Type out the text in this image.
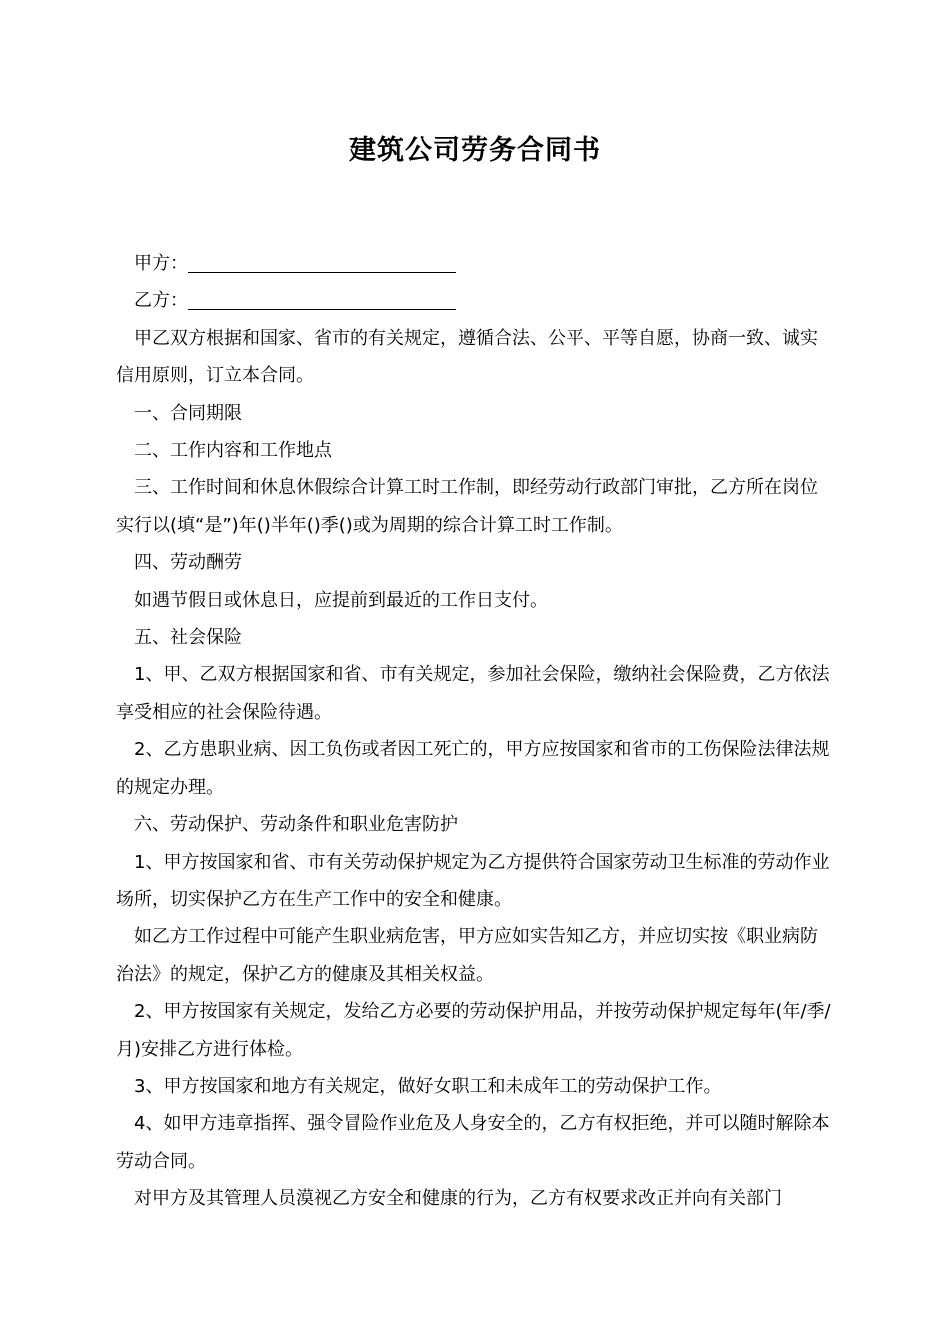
建筑公司劳务合同书

甲方：

乙方：

甲乙双方根据和国家、省市的有关规定，遵循合法、公平、平等自愿，协商一致、诚实信用原则，订立本合同。

一、合同期限

二、工作内容和工作地点

三、工作时间和休息休假综合计算工时工作制，即经劳动行政部门审批，乙方所在岗位实行以(填“是”)年()半年()季()或为周期的综合计算工时工作制。

四、劳动酬劳

如遇节假日或休息日，应提前到最近的工作日支付。

五、社会保险

1、甲、乙双方根据国家和省、市有关规定，参加社会保险，缴纳社会保险费，乙方依法享受相应的社会保险待遇。

2、乙方患职业病、因工负伤或者因工死亡的，甲方应按国家和省市的工伤保险法律法规的规定办理。

六、劳动保护、劳动条件和职业危害防护

1、甲方按国家和省、市有关劳动保护规定为乙方提供符合国家劳动卫生标准的劳动作业场所，切实保护乙方在生产工作中的安全和健康。

如乙方工作过程中可能产生职业病危害，甲方应如实告知乙方，并应切实按《职业病防治法》的规定，保护乙方的健康及其相关权益。

2、甲方按国家有关规定，发给乙方必要的劳动保护用品，并按劳动保护规定每年(年/季/月)安排乙方进行体检。

3、甲方按国家和地方有关规定，做好女职工和未成年工的劳动保护工作。

4、如甲方违章指挥、强令冒险作业危及人身安全的，乙方有权拒绝，并可以随时解除本劳动合同。

对甲方及其管理人员漠视乙方安全和健康的行为，乙方有权要求改正并向有关部门
